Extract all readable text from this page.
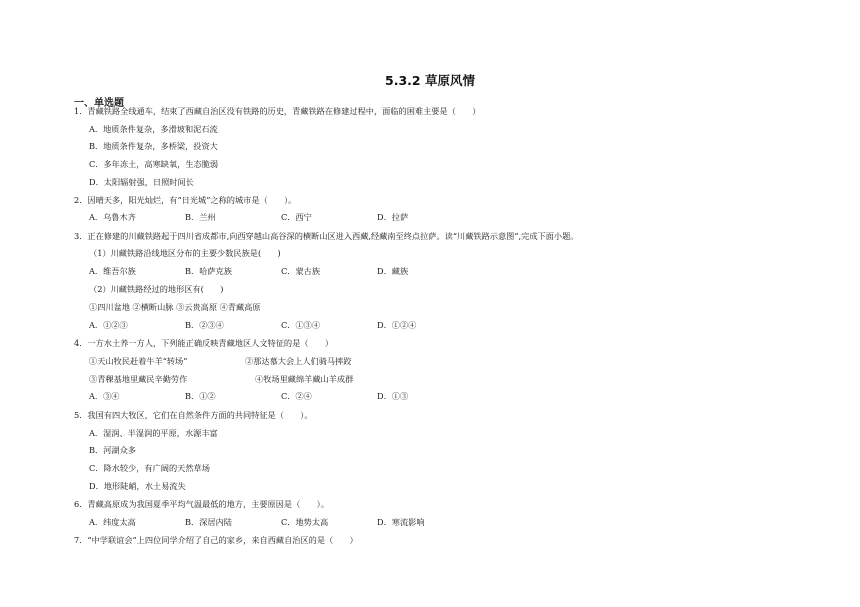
5.3.2 草原风情
一、单选题
1．青藏铁路全线通车，结束了西藏自治区没有铁路的历史，青藏铁路在修建过程中，面临的困难主要是（　　）
A．地质条件复杂，多滑坡和泥石流
B．地质条件复杂，多桥梁，投资大
C．多年冻土，高寒缺氧，生态脆弱
D．太阳辐射强，日照时间长
2．因晴天多，阳光灿烂，有“日光城”之称的城市是（　　）。
A．乌鲁木齐	B．兰州	C．西宁	D．拉萨
3．正在修建的川藏铁路起于四川省成都市,向西穿越山高谷深的横断山区进入西藏,经藏南至终点拉萨。读“川藏铁路示意图”,完成下面小题。
（1）川藏铁路沿线地区分布的主要少数民族是(　　)
A．维吾尔族	B．哈萨克族	C．蒙古族	D．藏族
（2）川藏铁路经过的地形区有(　　)
①四川盆地 ②横断山脉 ③云贵高原 ④青藏高原
A．①②③	B．②③④	C．①③④	D．①②④
4．一方水土养一方人，下列能正确反映青藏地区人文特征的是（　　）
①天山牧民赶着牛羊“转场”	②那达慕大会上人们骑马摔跤
③青稞基地里藏民辛勤劳作	④牧场里藏绵羊藏山羊成群
A．③④	B．①②	C．②④	D．①③
5．我国有四大牧区，它们在自然条件方面的共同特征是（　　）。
A．湿润、半湿润的平原，水源丰富
B．河湖众多
C．降水较少，有广阔的天然草场
D．地形陡峭，水土易流失
6．青藏高原成为我国夏季平均气温最低的地方，主要原因是（　　）。
A．纬度太高	B．深居内陆	C．地势太高	D．寒流影响
7．“中学联谊会”上四位同学介绍了自己的家乡，来自西藏自治区的是（　　）
